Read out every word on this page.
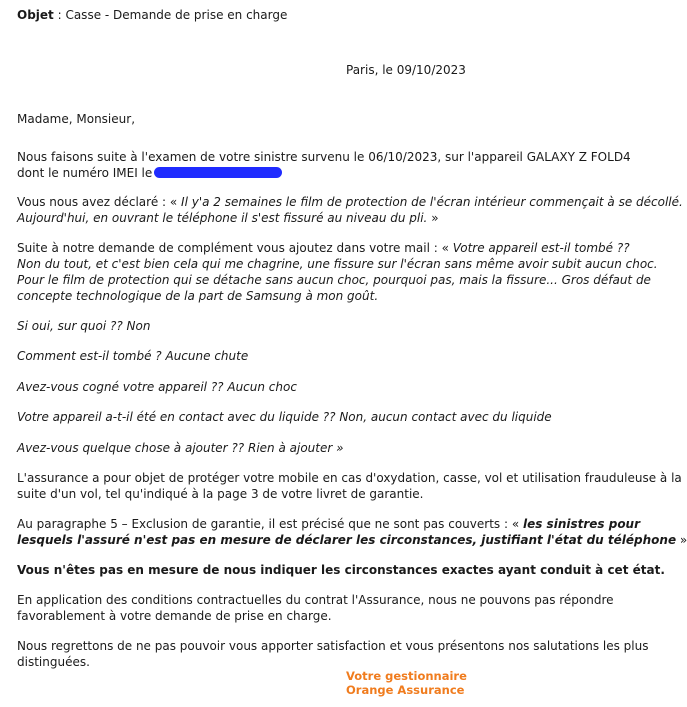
Objet : Casse - Demande de prise en charge
Paris, le 09/10/2023
Madame, Monsieur,
Nous faisons suite à l'examen de votre sinistre survenu le 06/10/2023, sur l'appareil GALAXY Z FOLD4
dont le numéro IMEI le
Vous nous avez déclaré : « Il y'a 2 semaines le film de protection de l'écran intérieur commençait à se décollé.
Aujourd'hui, en ouvrant le téléphone il s'est fissuré au niveau du pli. »
Suite à notre demande de complément vous ajoutez dans votre mail : « Votre appareil est-il tombé ??
Non du tout, et c'est bien cela qui me chagrine, une fissure sur l'écran sans même avoir subit aucun choc.
Pour le film de protection qui se détache sans aucun choc, pourquoi pas, mais la fissure... Gros défaut de
concepte technologique de la part de Samsung à mon goût.
Si oui, sur quoi ?? Non
Comment est-il tombé ? Aucune chute
Avez-vous cogné votre appareil ?? Aucun choc
Votre appareil a-t-il été en contact avec du liquide ?? Non, aucun contact avec du liquide
Avez-vous quelque chose à ajouter ?? Rien à ajouter »
L'assurance a pour objet de protéger votre mobile en cas d'oxydation, casse, vol et utilisation frauduleuse à la
suite d'un vol, tel qu'indiqué à la page 3 de votre livret de garantie.
Au paragraphe 5 – Exclusion de garantie, il est précisé que ne sont pas couverts : « les sinistres pour
lesquels l'assuré n'est pas en mesure de déclarer les circonstances, justifiant l'état du téléphone »
Vous n'êtes pas en mesure de nous indiquer les circonstances exactes ayant conduit à cet état.
En application des conditions contractuelles du contrat l'Assurance, nous ne pouvons pas répondre
favorablement à votre demande de prise en charge.
Nous regrettons de ne pas pouvoir vous apporter satisfaction et vous présentons nos salutations les plus
distinguées.
Votre gestionnaire
Orange Assurance
